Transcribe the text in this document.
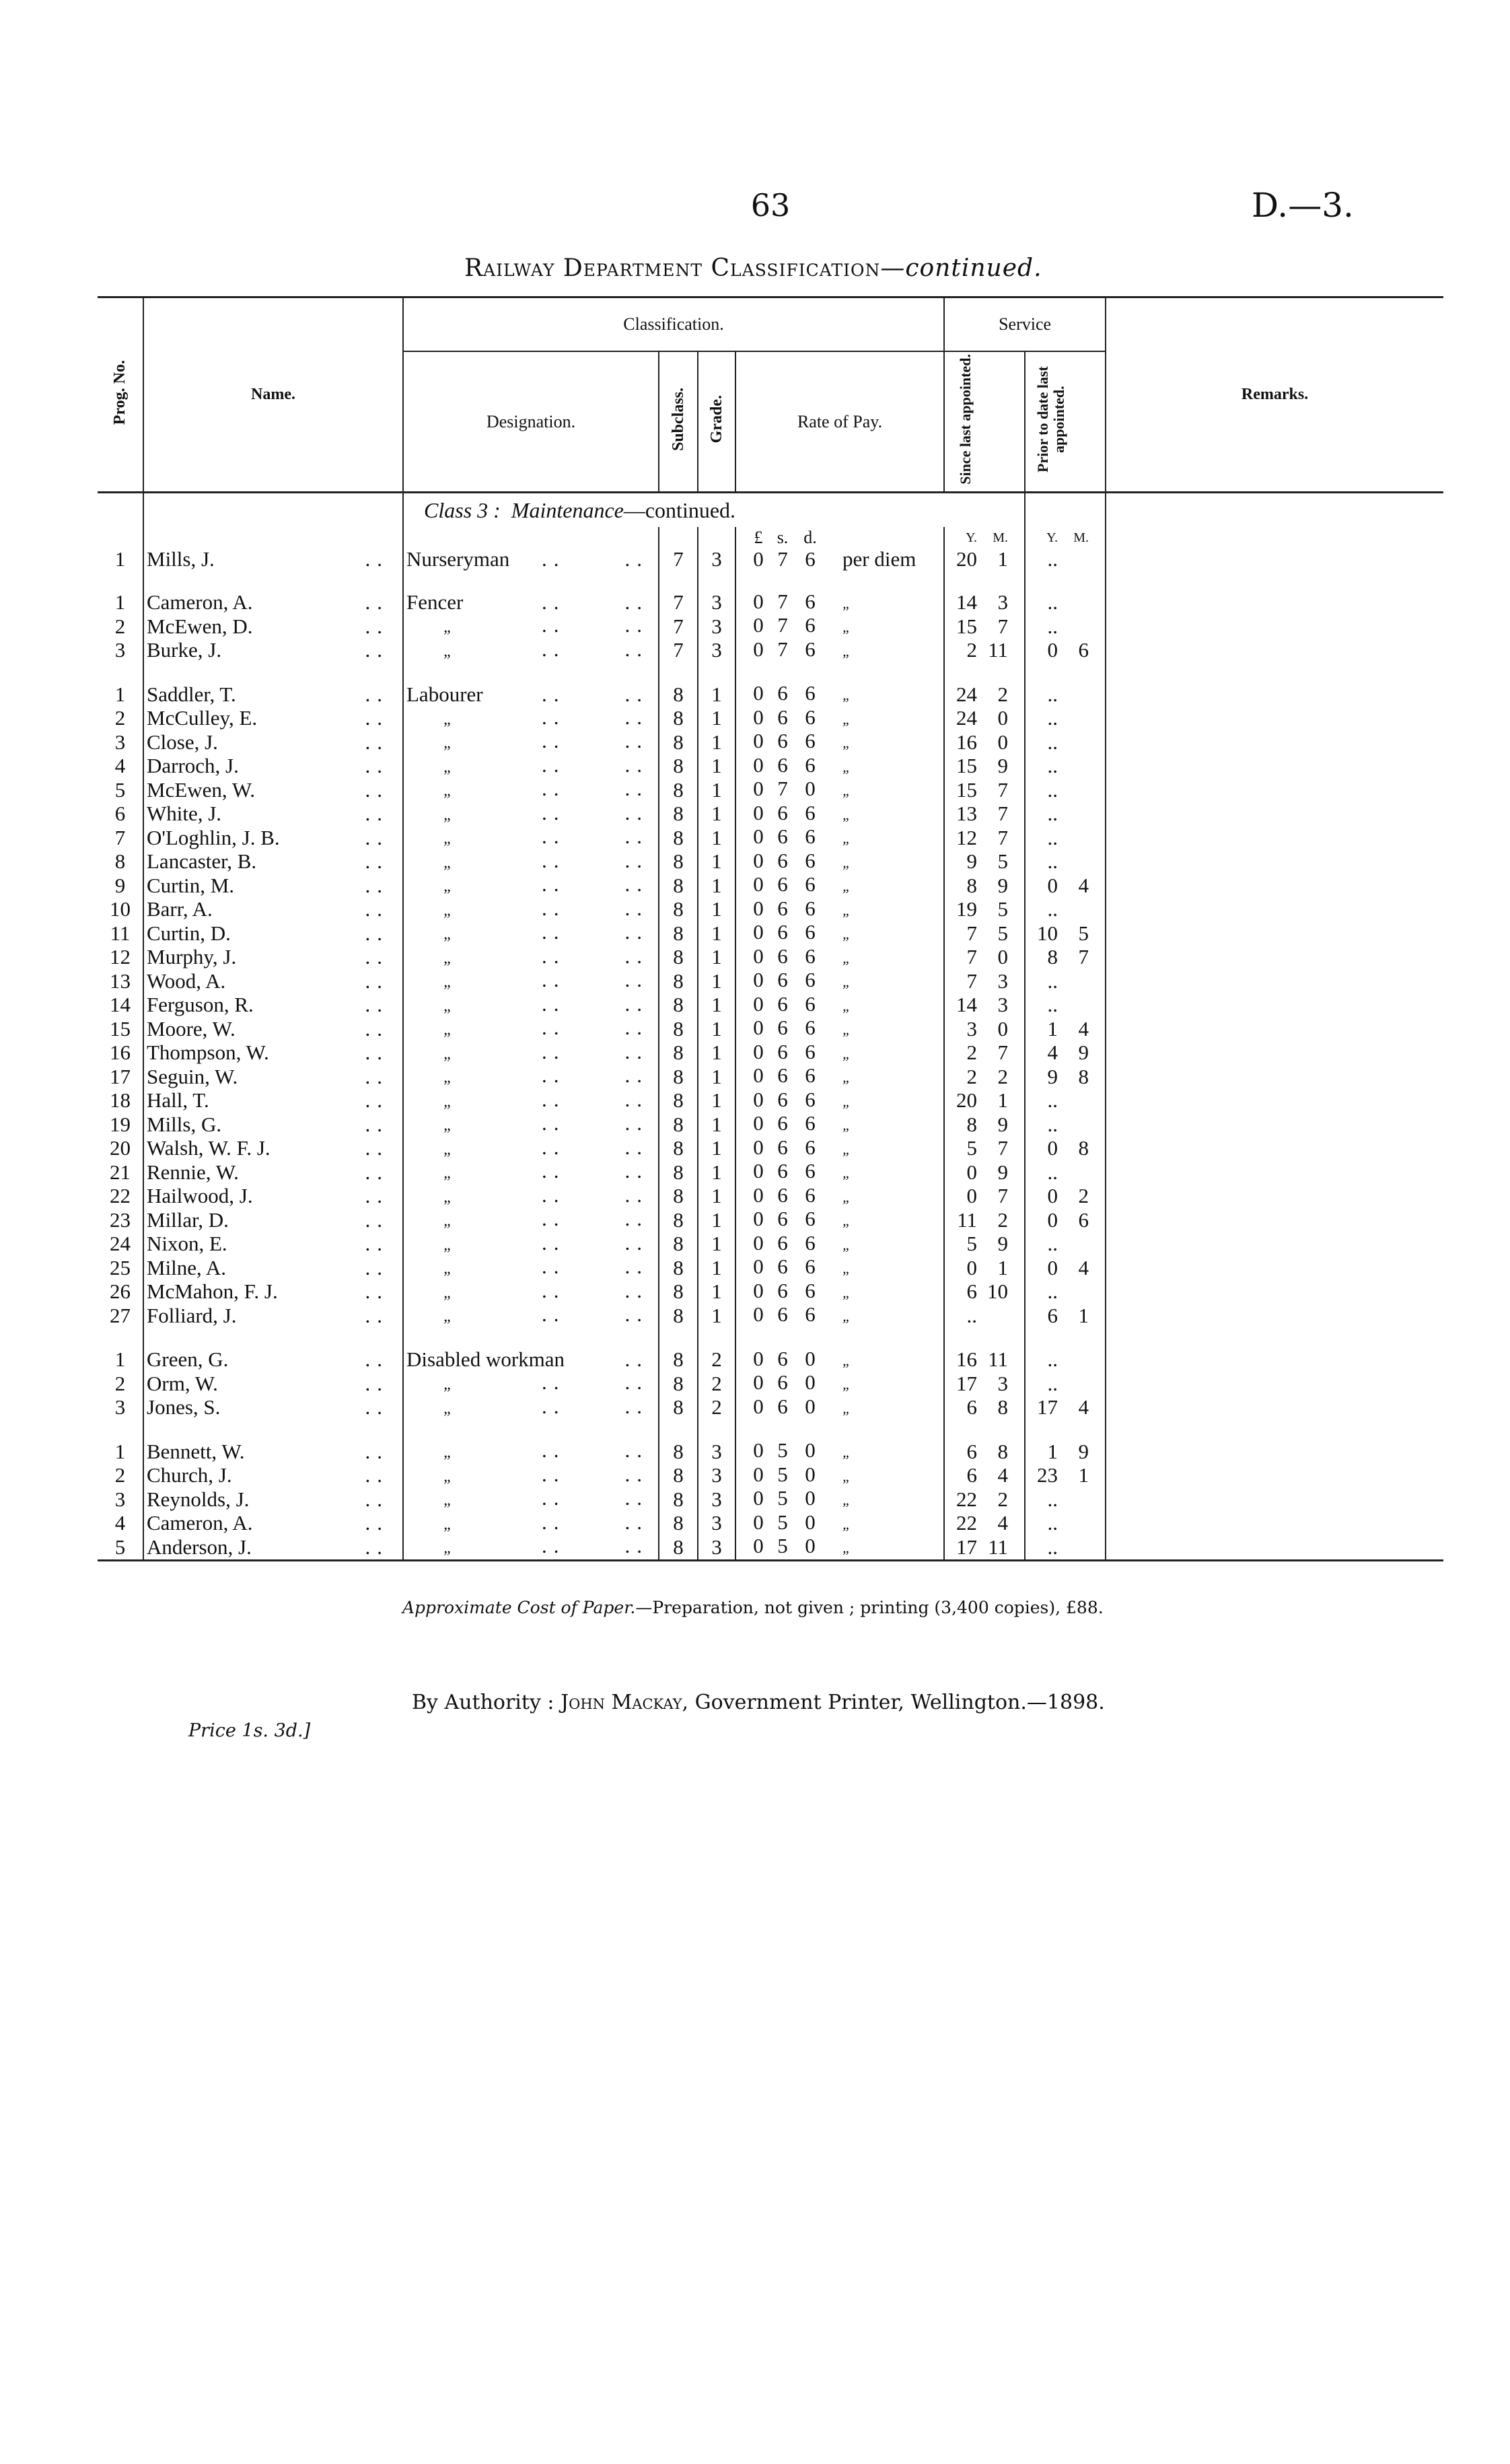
63	D.—3.
Railway Department Classification—continued.
Prog. No.	Name.	Classification.				Service		Remarks.
		Designation.	Subclass.	Grade.	Rate of Pay.	Since last appointed.	Prior to date last appointed.	
		Class 3 : Maintenance—continued.						
					£ s. d.	Y. M.	Y. M.	
1	Mills, J. ..	Nurseryman .. ..	7	3	0 7 6 per diem	20 1	..	

1	Cameron, A. ..	Fencer .. ..	7	3	0 7 6 „	14 3	..	
2	McEwen, D. ..	„ .. ..	7	3	0 7 6 „	15 7	..	
3	Burke, J. ..	„ .. ..	7	3	0 7 6 „	2 11	0 6	

1	Saddler, T. ..	Labourer .. ..	8	1	0 6 6 „	24 2	..	
2	McCulley, E. ..	„ .. ..	8	1	0 6 6 „	24 0	..	
3	Close, J. ..	„ .. ..	8	1	0 6 6 „	16 0	..	
4	Darroch, J. ..	„ .. ..	8	1	0 6 6 „	15 9	..	
5	McEwen, W. ..	„ .. ..	8	1	0 7 0 „	15 7	..	
6	White, J. ..	„ .. ..	8	1	0 6 6 „	13 7	..	
7	O'Loghlin, J. B. ..	„ .. ..	8	1	0 6 6 „	12 7	..	
8	Lancaster, B. ..	„ .. ..	8	1	0 6 6 „	9 5	..	
9	Curtin, M. ..	„ .. ..	8	1	0 6 6 „	8 9	0 4	
10	Barr, A. ..	„ .. ..	8	1	0 6 6 „	19 5	..	
11	Curtin, D. ..	„ .. ..	8	1	0 6 6 „	7 5	10 5	
12	Murphy, J. ..	„ .. ..	8	1	0 6 6 „	7 0	8 7	
13	Wood, A. ..	„ .. ..	8	1	0 6 6 „	7 3	..	
14	Ferguson, R. ..	„ .. ..	8	1	0 6 6 „	14 3	..	
15	Moore, W. ..	„ .. ..	8	1	0 6 6 „	3 0	1 4	
16	Thompson, W. ..	„ .. ..	8	1	0 6 6 „	2 7	4 9	
17	Seguin, W. ..	„ .. ..	8	1	0 6 6 „	2 2	9 8	
18	Hall, T. ..	„ .. ..	8	1	0 6 6 „	20 1	..	
19	Mills, G. ..	„ .. ..	8	1	0 6 6 „	8 9	..	
20	Walsh, W. F. J. ..	„ .. ..	8	1	0 6 6 „	5 7	0 8	
21	Rennie, W. ..	„ .. ..	8	1	0 6 6 „	0 9	..	
22	Hailwood, J. ..	„ .. ..	8	1	0 6 6 „	0 7	0 2	
23	Millar, D. ..	„ .. ..	8	1	0 6 6 „	11 2	0 6	
24	Nixon, E. ..	„ .. ..	8	1	0 6 6 „	5 9	..	
25	Milne, A. ..	„ .. ..	8	1	0 6 6 „	0 1	0 4	
26	McMahon, F. J. ..	„ .. ..	8	1	0 6 6 „	6 10	..	
27	Folliard, J. ..	„ .. ..	8	1	0 6 6 „	..	6 1	

1	Green, G. ..	Disabled workman ..	8	2	0 6 0 „	16 11	..	
2	Orm, W. ..	„ .. ..	8	2	0 6 0 „	17 3	..	
3	Jones, S. ..	„ .. ..	8	2	0 6 0 „	6 8	17 4	

1	Bennett, W. ..	„ .. ..	8	3	0 5 0 „	6 8	1 9	
2	Church, J. ..	„ .. ..	8	3	0 5 0 „	6 4	23 1	
3	Reynolds, J. ..	„ .. ..	8	3	0 5 0 „	22 2	..	
4	Cameron, A. ..	„ .. ..	8	3	0 5 0 „	22 4	..	
5	Anderson, J. ..	„ .. ..	8	3	0 5 0 „	17 11	..	
Approximate Cost of Paper.—Preparation, not given ; printing (3,400 copies), £88.
By Authority : John Mackay, Government Printer, Wellington.—1898.
Price 1s. 3d.]
